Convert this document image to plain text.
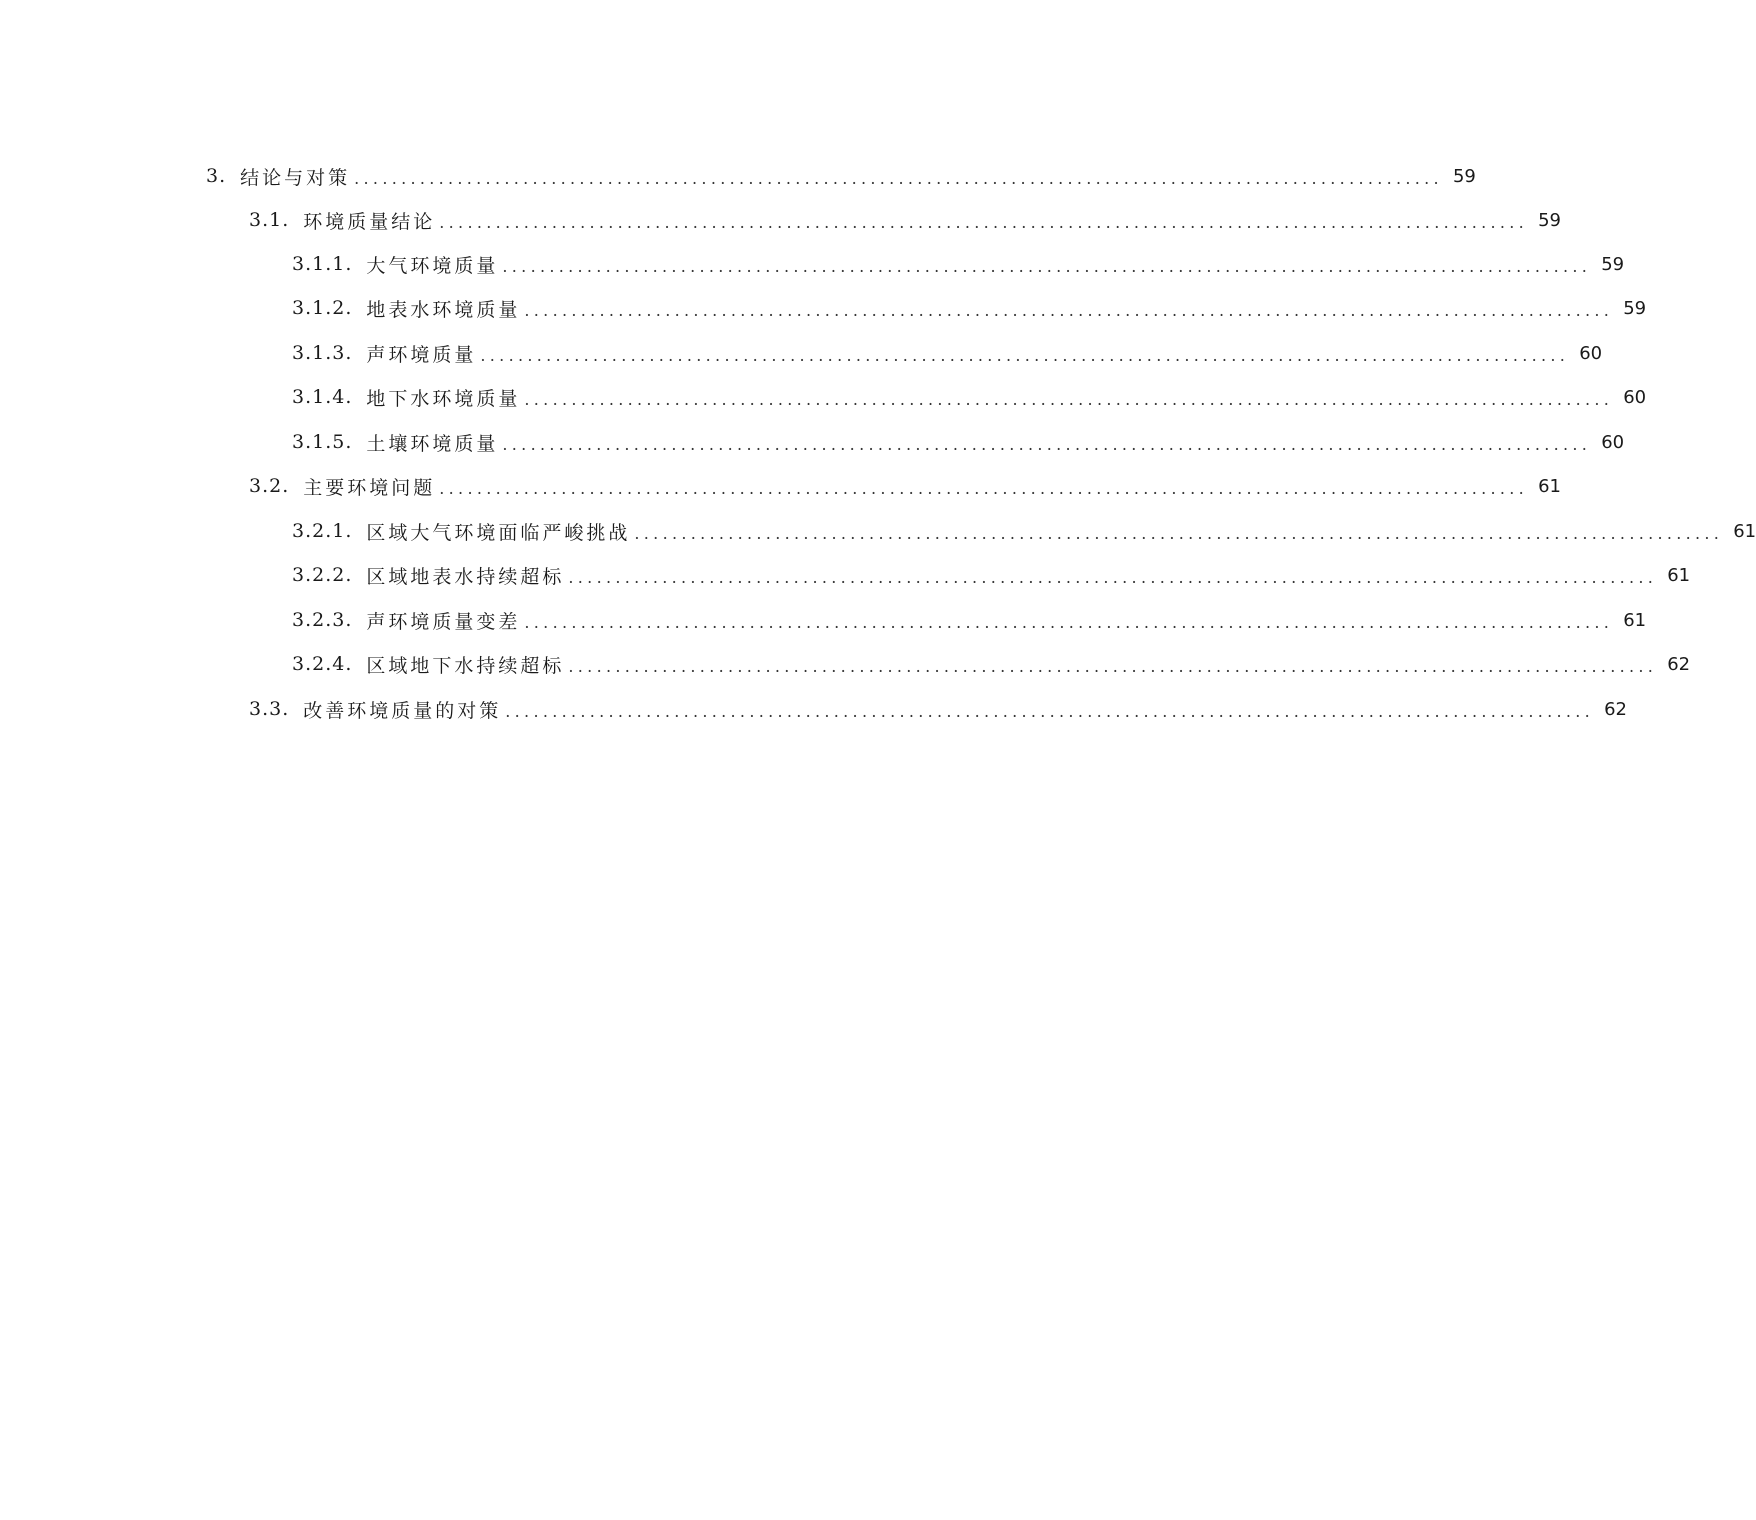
3. 结论与对策 .................................................................................................................... 59
3.1. 环境质量结论 .................................................................................................................... 59
3.1.1. 大气环境质量 .................................................................................................................... 59
3.1.2. 地表水环境质量 .................................................................................................................... 59
3.1.3. 声环境质量 .................................................................................................................... 60
3.1.4. 地下水环境质量 .................................................................................................................... 60
3.1.5. 土壤环境质量 .................................................................................................................... 60
3.2. 主要环境问题 .................................................................................................................... 61
3.2.1. 区域大气环境面临严峻挑战 .................................................................................................................... 61
3.2.2. 区域地表水持续超标 .................................................................................................................... 61
3.2.3. 声环境质量变差 .................................................................................................................... 61
3.2.4. 区域地下水持续超标 .................................................................................................................... 62
3.3. 改善环境质量的对策 .................................................................................................................... 62
